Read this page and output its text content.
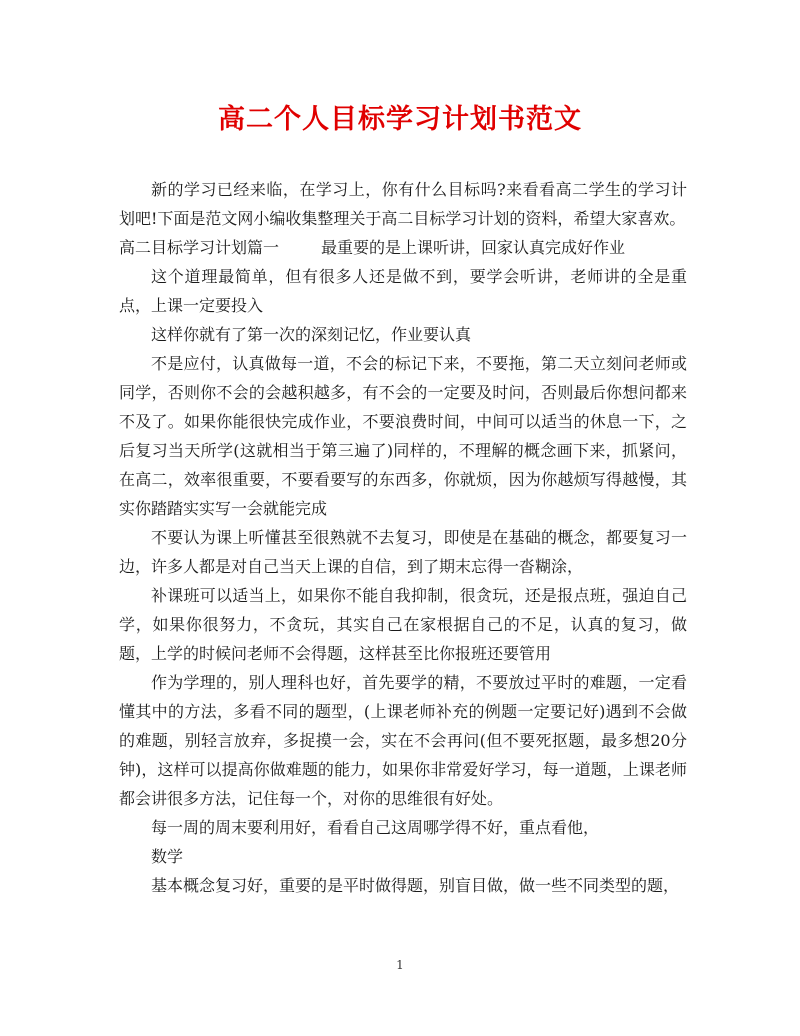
高二个人目标学习计划书范文

新的学习已经来临，在学习上，你有什么目标吗?来看看高二学生的学习计划吧!下面是范文网小编收集整理关于高二目标学习计划的资料，希望大家喜欢。

高二目标学习计划篇一	最重要的是上课听讲，回家认真完成好作业

这个道理最简单，但有很多人还是做不到，要学会听讲，老师讲的全是重点，上课一定要投入

这样你就有了第一次的深刻记忆，作业要认真

不是应付，认真做每一道，不会的标记下来，不要拖，第二天立刻问老师或同学，否则你不会的会越积越多，有不会的一定要及时问，否则最后你想问都来不及了。如果你能很快完成作业，不要浪费时间，中间可以适当的休息一下，之后复习当天所学(这就相当于第三遍了)同样的，不理解的概念画下来，抓紧问，在高二，效率很重要，不要看要写的东西多，你就烦，因为你越烦写得越慢，其实你踏踏实实写一会就能完成

不要认为课上听懂甚至很熟就不去复习，即使是在基础的概念，都要复习一边，许多人都是对自己当天上课的自信，到了期末忘得一沓糊涂，

补课班可以适当上，如果你不能自我抑制，很贪玩，还是报点班，强迫自己学，如果你很努力，不贪玩，其实自己在家根据自己的不足，认真的复习，做题，上学的时候问老师不会得题，这样甚至比你报班还要管用

作为学理的，别人理科也好，首先要学的精，不要放过平时的难题，一定看懂其中的方法，多看不同的题型，(上课老师补充的例题一定要记好)遇到不会做的难题，别轻言放弃，多捉摸一会，实在不会再问(但不要死抠题，最多想20分钟)，这样可以提高你做难题的能力，如果你非常爱好学习，每一道题，上课老师都会讲很多方法，记住每一个，对你的思维很有好处。

每一周的周末要利用好，看看自己这周哪学得不好，重点看他，

数学

基本概念复习好，重要的是平时做得题，别盲目做，做一些不同类型的题，

1
